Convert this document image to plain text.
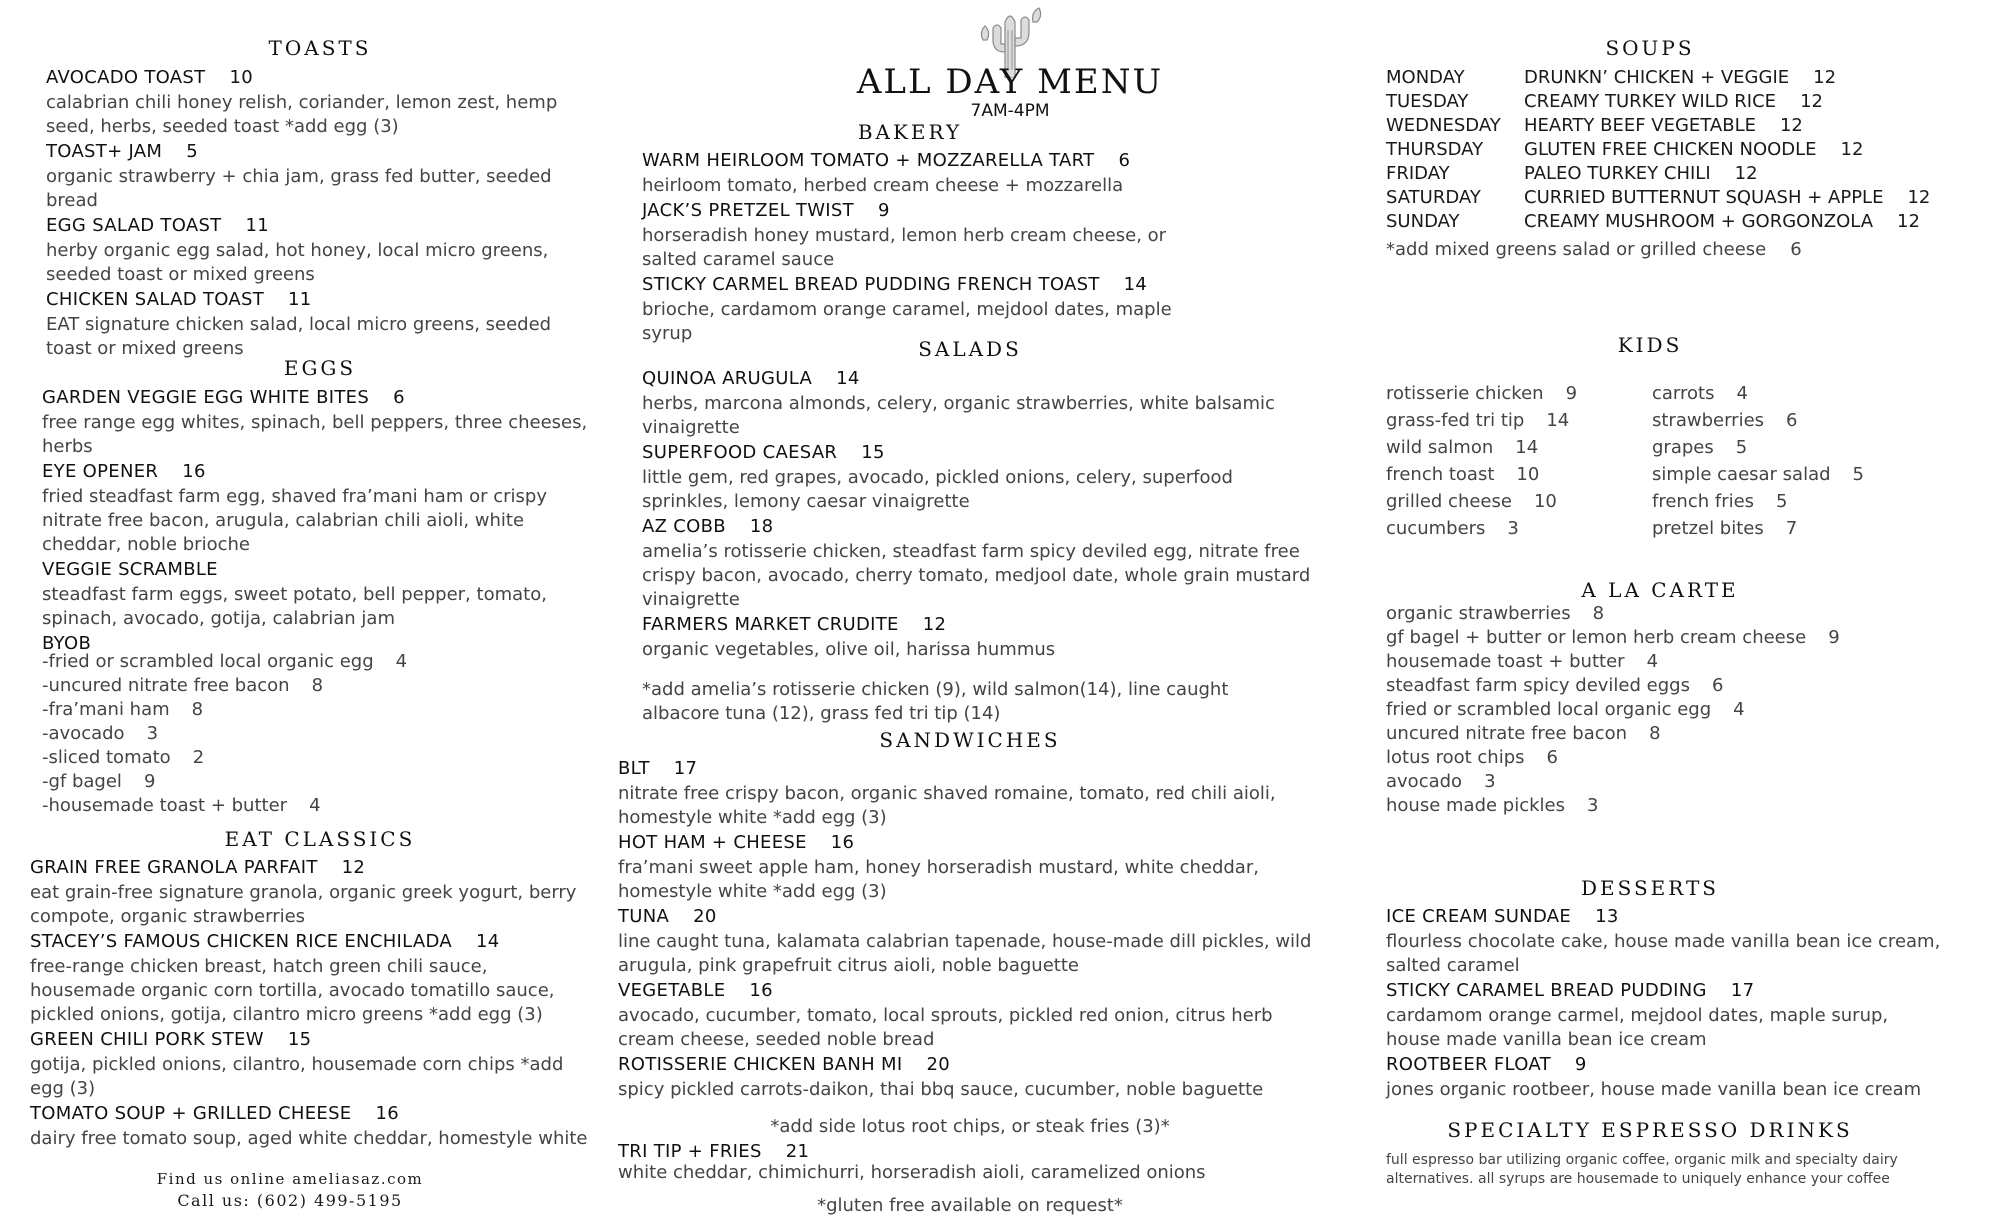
ALL DAY MENU
7AM-4PM
TOASTS
AVOCADO TOAST 10
calabrian chili honey relish, coriander, lemon zest, hemp seed, herbs, seeded toast *add egg (3)
TOAST+ JAM 5
organic strawberry + chia jam, grass fed butter, seeded bread
EGG SALAD TOAST 11
herby organic egg salad, hot honey, local micro greens, seeded toast or mixed greens
CHICKEN SALAD TOAST 11
EAT signature chicken salad, local micro greens, seeded toast or mixed greens
EGGS
GARDEN VEGGIE EGG WHITE BITES 6
free range egg whites, spinach, bell peppers, three cheeses, herbs
EYE OPENER 16
fried steadfast farm egg, shaved fra’mani ham or crispy nitrate free bacon, arugula, calabrian chili aioli, white cheddar, noble brioche
VEGGIE SCRAMBLE
steadfast farm eggs, sweet potato, bell pepper, tomato, spinach, avocado, gotija, calabrian jam
BYOB
-fried or scrambled local organic egg 4
-uncured nitrate free bacon 8
-fra’mani ham 8
-avocado 3
-sliced tomato 2
-gf bagel 9
-housemade toast + butter 4
EAT CLASSICS
GRAIN FREE GRANOLA PARFAIT 12
eat grain-free signature granola, organic greek yogurt, berry compote, organic strawberries
STACEY’S FAMOUS CHICKEN RICE ENCHILADA 14
free-range chicken breast, hatch green chili sauce, housemade organic corn tortilla, avocado tomatillo sauce, pickled onions, gotija, cilantro micro greens *add egg (3)
GREEN CHILI PORK STEW 15
gotija, pickled onions, cilantro, housemade corn chips *add egg (3)
TOMATO SOUP + GRILLED CHEESE 16
dairy free tomato soup, aged white cheddar, homestyle white
Find us online ameliasaz.com
Call us: (602) 499-5195
BAKERY
WARM HEIRLOOM TOMATO + MOZZARELLA TART 6
heirloom tomato, herbed cream cheese + mozzarella
JACK’S PRETZEL TWIST 9
horseradish honey mustard, lemon herb cream cheese, or salted caramel sauce
STICKY CARMEL BREAD PUDDING FRENCH TOAST 14
brioche, cardamom orange caramel, mejdool dates, maple syrup
SALADS
QUINOA ARUGULA 14
herbs, marcona almonds, celery, organic strawberries, white balsamic vinaigrette
SUPERFOOD CAESAR 15
little gem, red grapes, avocado, pickled onions, celery, superfood sprinkles, lemony caesar vinaigrette
AZ COBB 18
amelia’s rotisserie chicken, steadfast farm spicy deviled egg, nitrate free crispy bacon, avocado, cherry tomato, medjool date, whole grain mustard vinaigrette
FARMERS MARKET CRUDITE 12
organic vegetables, olive oil, harissa hummus
*add amelia’s rotisserie chicken (9), wild salmon(14), line caught albacore tuna (12), grass fed tri tip (14)
SANDWICHES
BLT 17
nitrate free crispy bacon, organic shaved romaine, tomato, red chili aioli, homestyle white *add egg (3)
HOT HAM + CHEESE 16
fra’mani sweet apple ham, honey horseradish mustard, white cheddar, homestyle white *add egg (3)
TUNA 20
line caught tuna, kalamata calabrian tapenade, house-made dill pickles, wild arugula, pink grapefruit citrus aioli, noble baguette
VEGETABLE 16
avocado, cucumber, tomato, local sprouts, pickled red onion, citrus herb cream cheese, seeded noble bread
ROTISSERIE CHICKEN BANH MI 20
spicy pickled carrots-daikon, thai bbq sauce, cucumber, noble baguette
*add side lotus root chips, or steak fries (3)*
TRI TIP + FRIES 21
white cheddar, chimichurri, horseradish aioli, caramelized onions
*gluten free available on request*
SOUPS
MONDAY	DRUNKN’ CHICKEN + VEGGIE 12
TUESDAY	CREAMY TURKEY WILD RICE 12
WEDNESDAY HEARTY BEEF VEGETABLE 12
THURSDAY GLUTEN FREE CHICKEN NOODLE 12
FRIDAY	PALEO TURKEY CHILI 12
SATURDAY CURRIED BUTTERNUT SQUASH + APPLE 12
SUNDAY	CREAMY MUSHROOM + GORGONZOLA 12
*add mixed greens salad or grilled cheese 6
KIDS
rotisserie chicken 9
grass-fed tri tip 14
wild salmon 14
french toast 10
grilled cheese 10
cucumbers 3
carrots 4
strawberries 6
grapes 5
simple caesar salad 5
french fries 5
pretzel bites 7
A LA CARTE
organic strawberries 8
gf bagel + butter or lemon herb cream cheese 9
housemade toast + butter 4
steadfast farm spicy deviled eggs 6
fried or scrambled local organic egg 4
uncured nitrate free bacon 8
lotus root chips 6
avocado 3
house made pickles 3
DESSERTS
ICE CREAM SUNDAE 13
flourless chocolate cake, house made vanilla bean ice cream, salted caramel
STICKY CARAMEL BREAD PUDDING 17
cardamom orange carmel, mejdool dates, maple surup, house made vanilla bean ice cream
ROOTBEER FLOAT 9
jones organic rootbeer, house made vanilla bean ice cream
SPECIALTY ESPRESSO DRINKS
full espresso bar utilizing organic coffee, organic milk and specialty dairy alternatives. all syrups are housemade to uniquely enhance your coffee
